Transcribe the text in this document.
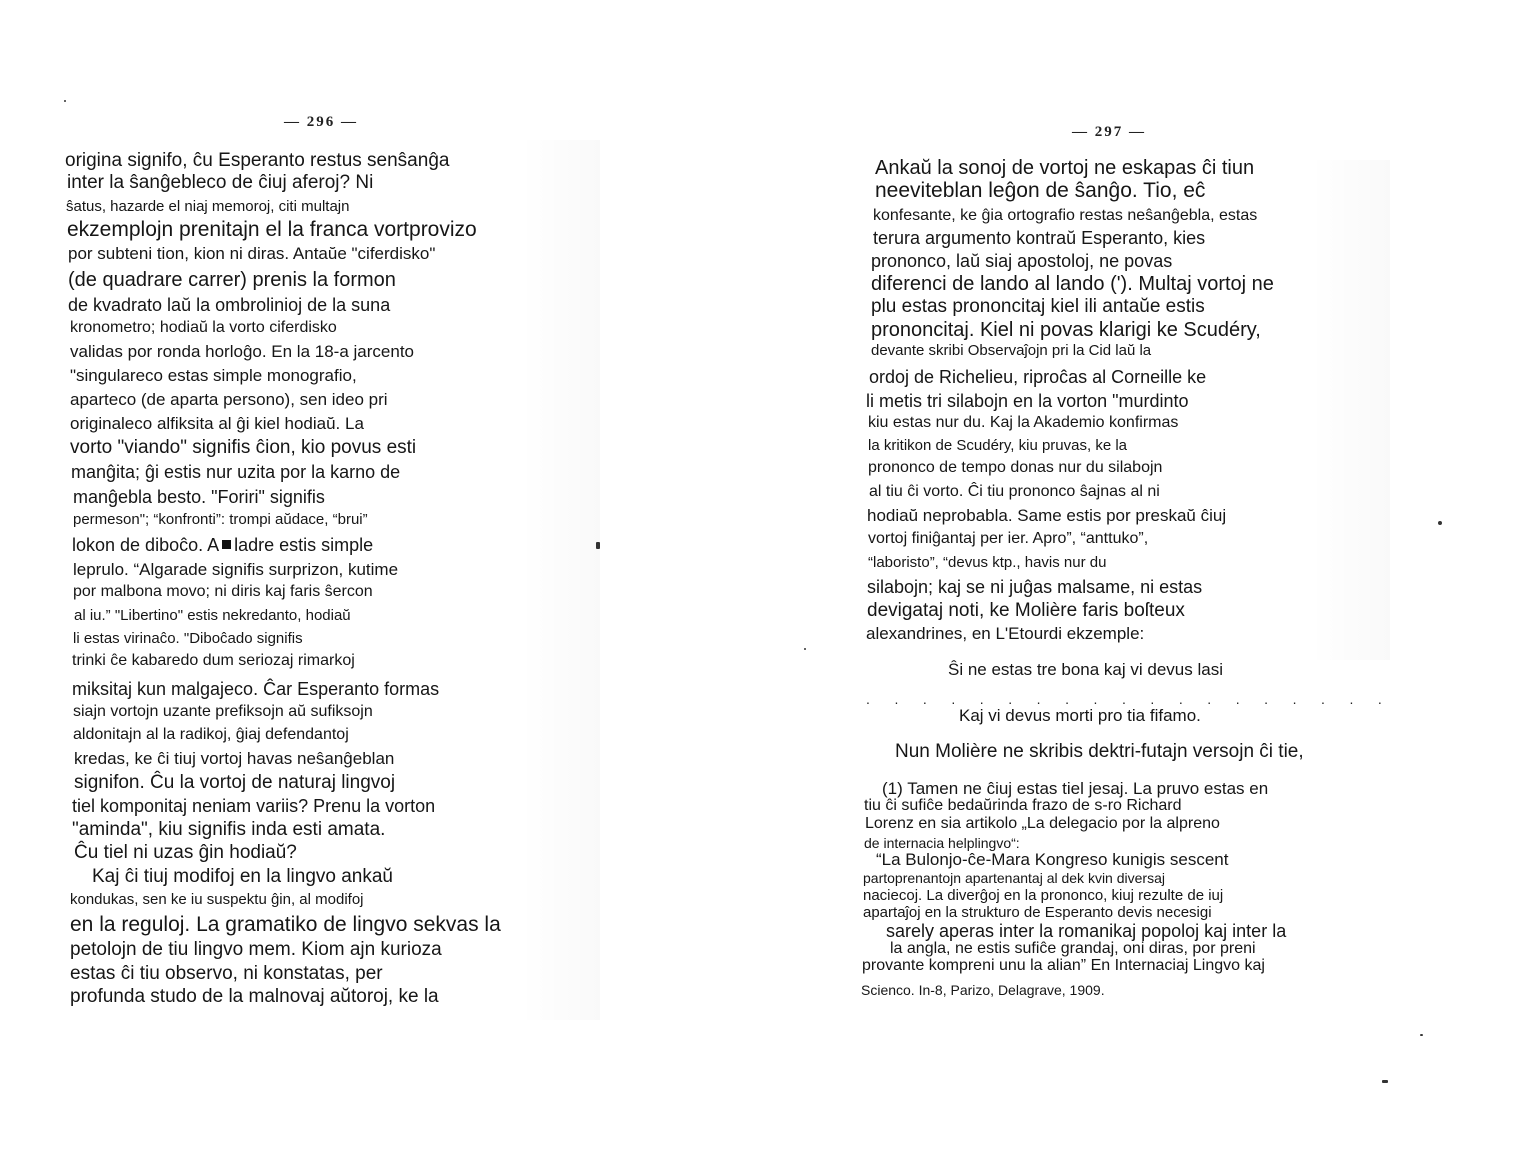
— 296 —
origina signifo, ĉu Esperanto restus senŝanĝa
inter la ŝanĝebleco de ĉiuj aferoj? Ni
ŝatus, hazarde el niaj memoroj, citi multajn
ekzemplojn prenitajn el la franca vortprovizo
por subteni tion, kion ni diras. Antaŭe "ciferdisko"
(de quadrare carrer) prenis la formon
de kvadrato laŭ la ombrolinioj de la suna
kronometro; hodiaŭ la vorto ciferdisko
validas por ronda horloĝo. En la 18-a jarcento
"singulareco estas simple monografio,
aparteco (de aparta persono), sen ideo pri
originaleco alfiksita al ĝi kiel hodiaŭ. La
vorto "viando" signifis ĉion, kio povus esti
manĝita; ĝi estis nur uzita por la karno de
manĝebla besto. "Foriri" signifis
permeson"; “konfronti”: trompi aŭdace, “brui”
lokon de diboĉo. A ladre estis simple
leprulo. “Algarade signifis surprizon, kutime
por malbona movo; ni diris kaj faris ŝercon
al iu.” "Libertino" estis nekredanto, hodiaŭ
li estas virinaĉo. "Diboĉado signifis
trinki ĉe kabaredo dum seriozaj rimarkoj
miksitaj kun malgajeco. Ĉar Esperanto formas
siajn vortojn uzante prefiksojn aŭ sufiksojn
aldonitajn al la radikoj, ĝiaj defendantoj
kredas, ke ĉi tiuj vortoj havas neŝanĝeblan
signifon. Ĉu la vortoj de naturaj lingvoj
tiel komponitaj neniam variis? Prenu la vorton
"aminda", kiu signifis inda esti amata.
Ĉu tiel ni uzas ĝin hodiaŭ?
Kaj ĉi tiuj modifoj en la lingvo ankaŭ
kondukas, sen ke iu suspektu ĝin, al modifoj
en la reguloj. La gramatiko de lingvo sekvas la
petolojn de tiu lingvo mem. Kiom ajn kurioza
estas ĉi tiu observo, ni konstatas, per
profunda studo de la malnovaj aŭtoroj, ke la
— 297 —
Ankaŭ la sonoj de vortoj ne eskapas ĉi tiun
neeviteblan leĝon de ŝanĝo. Tio, eĉ
konfesante, ke ĝia ortografio restas neŝanĝebla, estas
terura argumento kontraŭ Esperanto, kies
prononco, laŭ siaj apostoloj, ne povas
diferenci de lando al lando ('). Multaj vortoj ne
plu estas prononcitaj kiel ili antaŭe estis
prononcitaj. Kiel ni povas klarigi ke Scudéry,
devante skribi Observaĵojn pri la Cid laŭ la
ordoj de Richelieu, riproĉas al Corneille ke
li metis tri silabojn en la vorton "murdinto
kiu estas nur du. Kaj la Akademio konfirmas
la kritikon de Scudéry, kiu pruvas, ke la
prononco de tempo donas nur du silabojn
al tiu ĉi vorto. Ĉi tiu prononco ŝajnas al ni
hodiaŭ neprobabla. Same estis por preskaŭ ĉiuj
vortoj finiĝantaj per ier. Apro”, “anttuko”,
“laboristo”, “devus ktp., havis nur du
silabojn; kaj se ni juĝas malsame, ni estas
devigataj noti, ke Molière faris boſteux
alexandrines, en L'Etourdi ekzemple:
Ŝi ne estas tre bona kaj vi devus lasi
. . . . . . . . . . . . . . . . . . .
Kaj vi devus morti pro tia fifamo.
Nun Molière ne skribis dektri-futajn versojn ĉi tie,
(1) Tamen ne ĉiuj estas tiel jesaj. La pruvo estas en
tiu ĉi sufiĉe bedaŭrinda frazo de s-ro Richard
Lorenz en sia artikolo „La delegacio por la alpreno
de internacia helplingvo“:
“La Bulonjo-ĉe-Mara Kongreso kunigis sescent
partoprenantojn apartenantaj al dek kvin diversaj
naciecoj. La diverĝoj en la prononco, kiuj rezulte de iuj
apartaĵoj en la strukturo de Esperanto devis necesigi
sarely aperas inter la romanikaj popoloj kaj inter la
la angla, ne estis sufiĉe grandaj, oni diras, por preni
provante kompreni unu la alian” En Internaciaj Lingvo kaj
Scienco. In-8, Parizo, Delagrave, 1909.
